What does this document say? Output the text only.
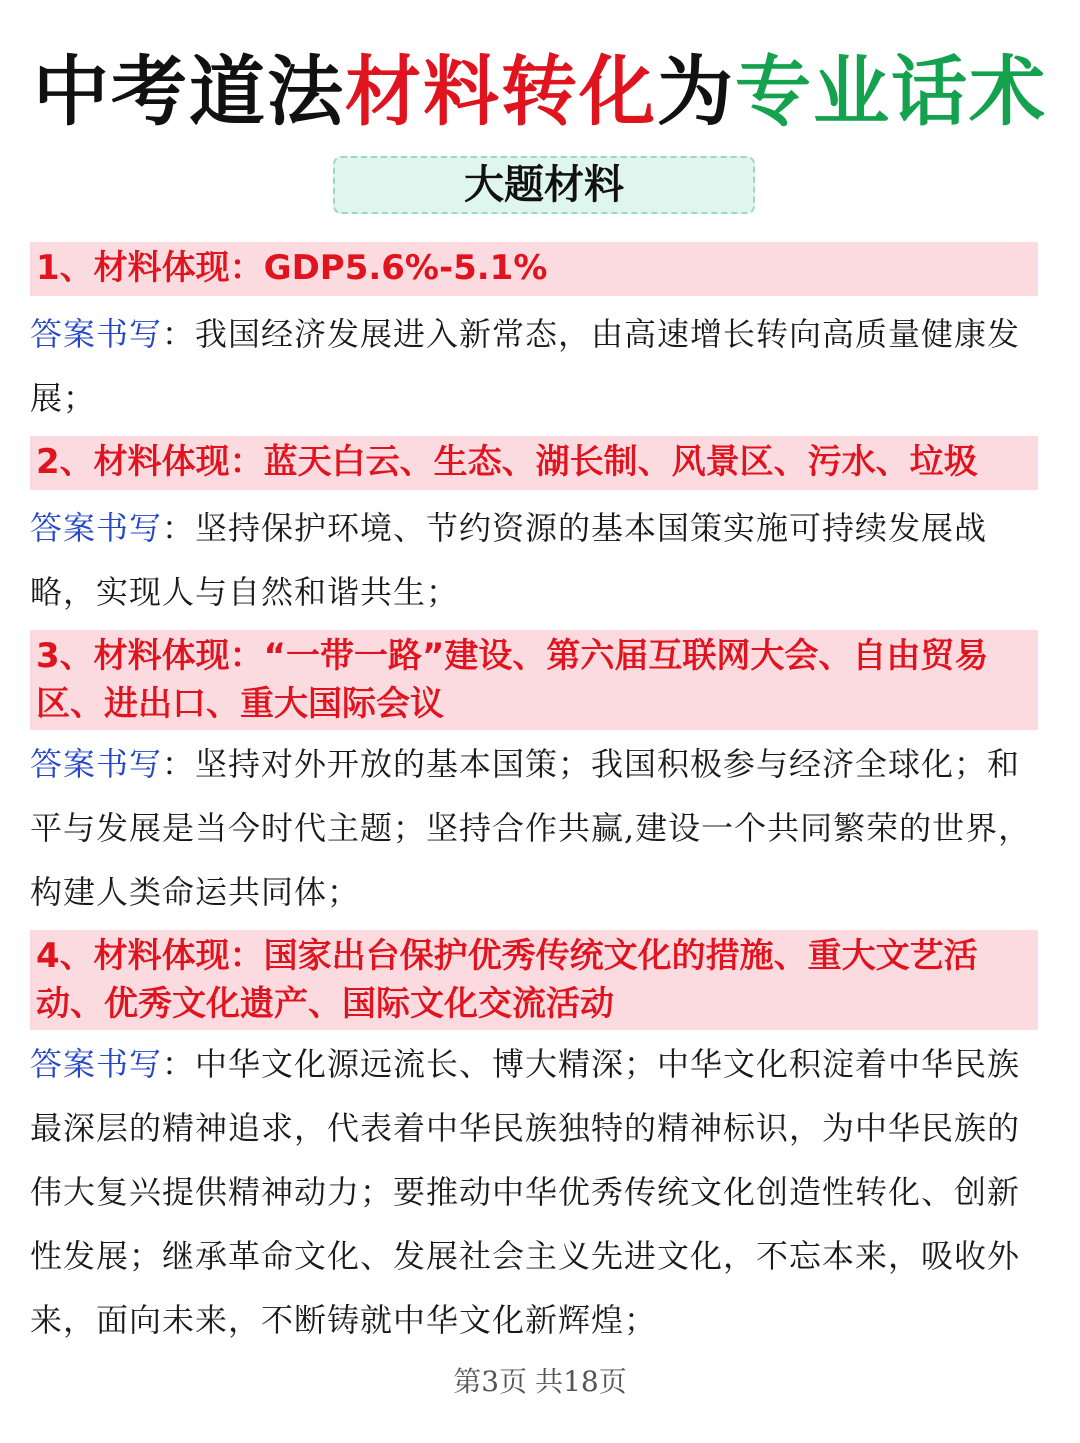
中考道法材料转化为专业话术
大题材料
1、材料体现：GDP5.6%-5.1%
答案书写：我国经济发展进入新常态，由高速增长转向高质量健康发展；
2、材料体现：蓝天白云、生态、湖长制、风景区、污水、垃圾
答案书写：坚持保护环境、节约资源的基本国策实施可持续发展战略，实现人与自然和谐共生；
3、材料体现：“一带一路”建设、第六届互联网大会、自由贸易区、进出口、重大国际会议
答案书写：坚持对外开放的基本国策；我国积极参与经济全球化；和平与发展是当今时代主题；坚持合作共赢,建设一个共同繁荣的世界，构建人类命运共同体；
4、材料体现：国家出台保护优秀传统文化的措施、重大文艺活动、优秀文化遗产、国际文化交流活动
答案书写：中华文化源远流长、博大精深；中华文化积淀着中华民族最深层的精神追求，代表着中华民族独特的精神标识，为中华民族的伟大复兴提供精神动力；要推动中华优秀传统文化创造性转化、创新性发展；继承革命文化、发展社会主义先进文化，不忘本来，吸收外来，面向未来，不断铸就中华文化新辉煌；
第3页 共18页
